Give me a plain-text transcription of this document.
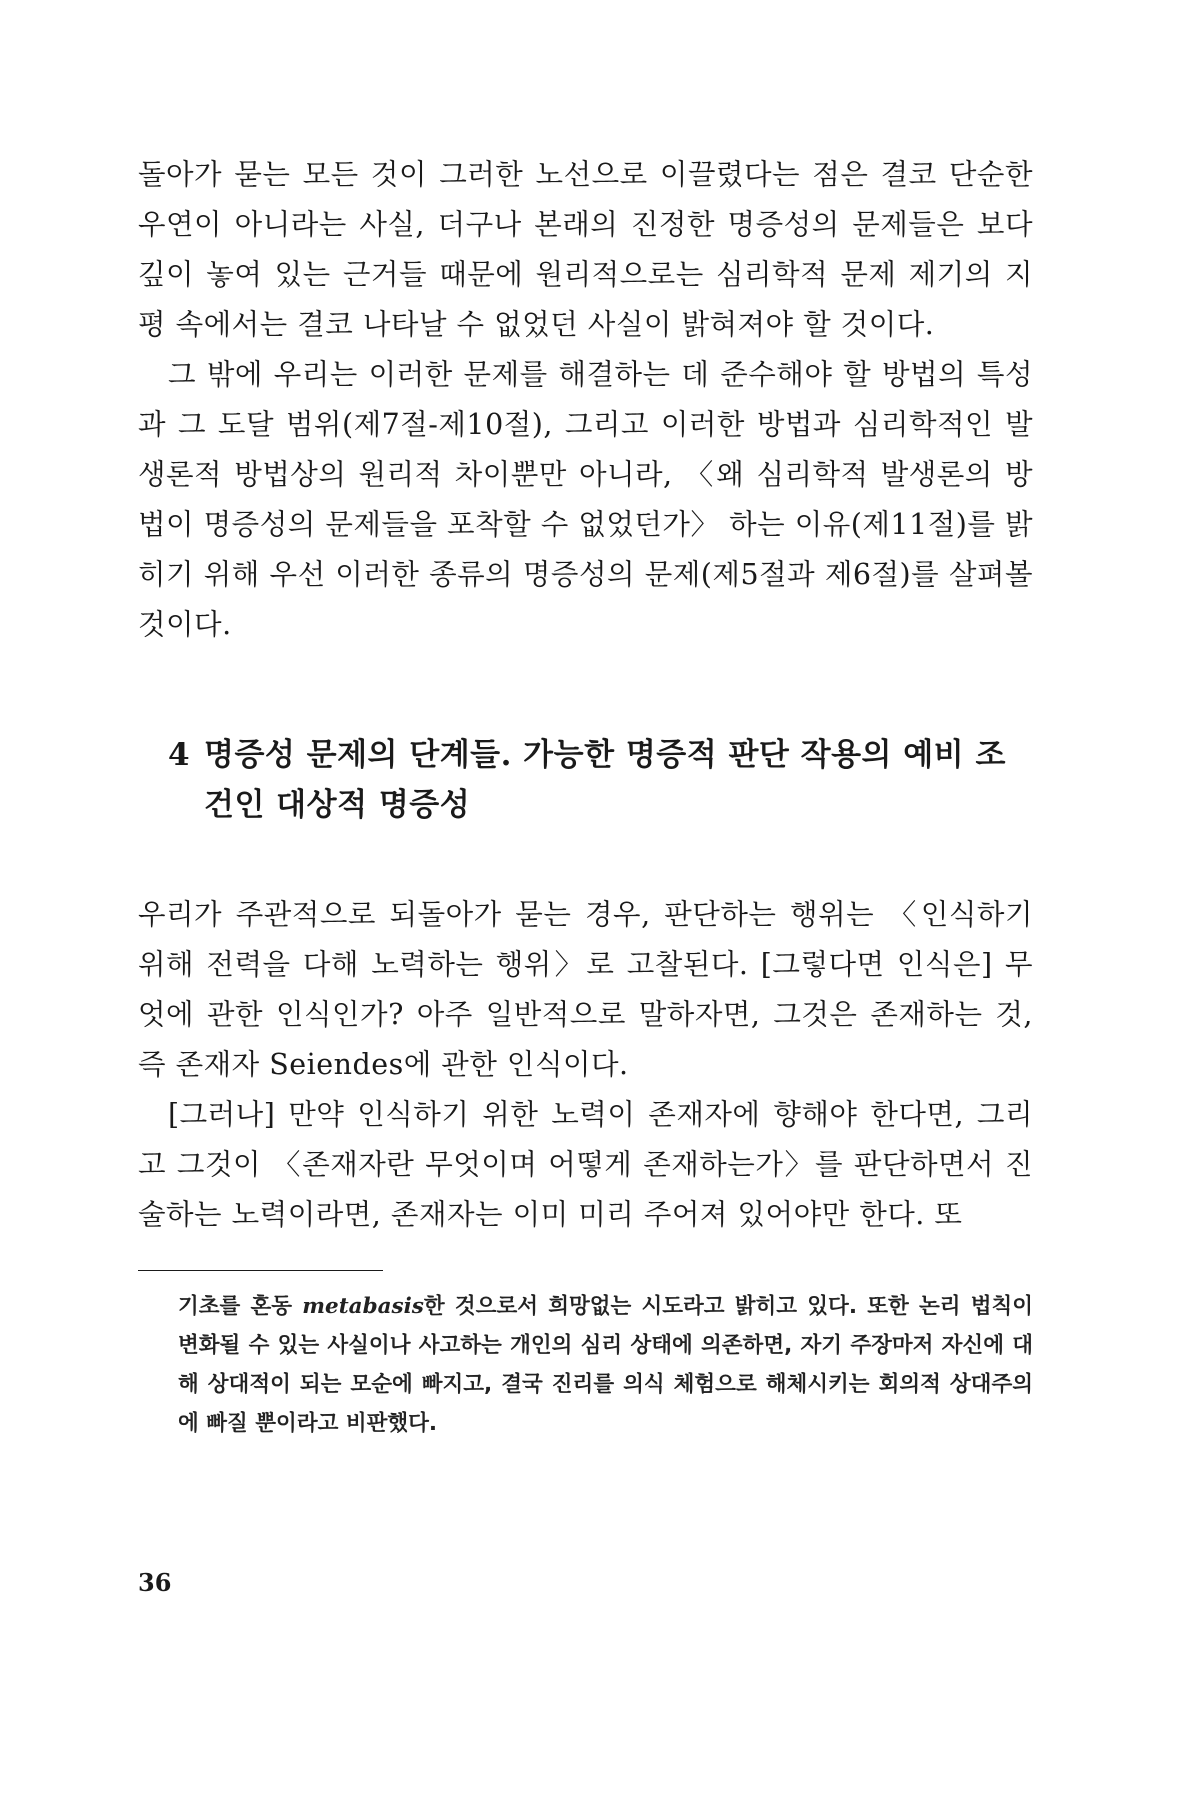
돌아가 묻는 모든 것이 그러한 노선으로 이끌렸다는 점은 결코 단순한 우연이 아니라는 사실, 더구나 본래의 진정한 명증성의 문제들은 보다 깊이 놓여 있는 근거들 때문에 원리적으로는 심리학적 문제 제기의 지평 속에서는 결코 나타날 수 없었던 사실이 밝혀져야 할 것이다.

그 밖에 우리는 이러한 문제를 해결하는 데 준수해야 할 방법의 특성과 그 도달 범위(제7절-제10절), 그리고 이러한 방법과 심리학적인 발생론적 방법상의 원리적 차이뿐만 아니라, 〈왜 심리학적 발생론의 방법이 명증성의 문제들을 포착할 수 없었던가〉 하는 이유(제11절)를 밝히기 위해 우선 이러한 종류의 명증성의 문제(제5절과 제6절)를 살펴볼 것이다.

4 명증성 문제의 단계들. 가능한 명증적 판단 작용의 예비 조건인 대상적 명증성

우리가 주관적으로 되돌아가 묻는 경우, 판단하는 행위는 〈인식하기 위해 전력을 다해 노력하는 행위〉로 고찰된다. [그렇다면 인식은] 무엇에 관한 인식인가? 아주 일반적으로 말하자면, 그것은 존재하는 것, 즉 존재자 Seiendes에 관한 인식이다.

[그러나] 만약 인식하기 위한 노력이 존재자에 향해야 한다면, 그리고 그것이 〈존재자란 무엇이며 어떻게 존재하는가〉를 판단하면서 진술하는 노력이라면, 존재자는 이미 미리 주어져 있어야만 한다. 또

기초를 혼동 metabasis한 것으로서 희망없는 시도라고 밝히고 있다. 또한 논리 법칙이 변화될 수 있는 사실이나 사고하는 개인의 심리 상태에 의존하면, 자기 주장마저 자신에 대해 상대적이 되는 모순에 빠지고, 결국 진리를 의식 체험으로 해체시키는 회의적 상대주의에 빠질 뿐이라고 비판했다.

36
